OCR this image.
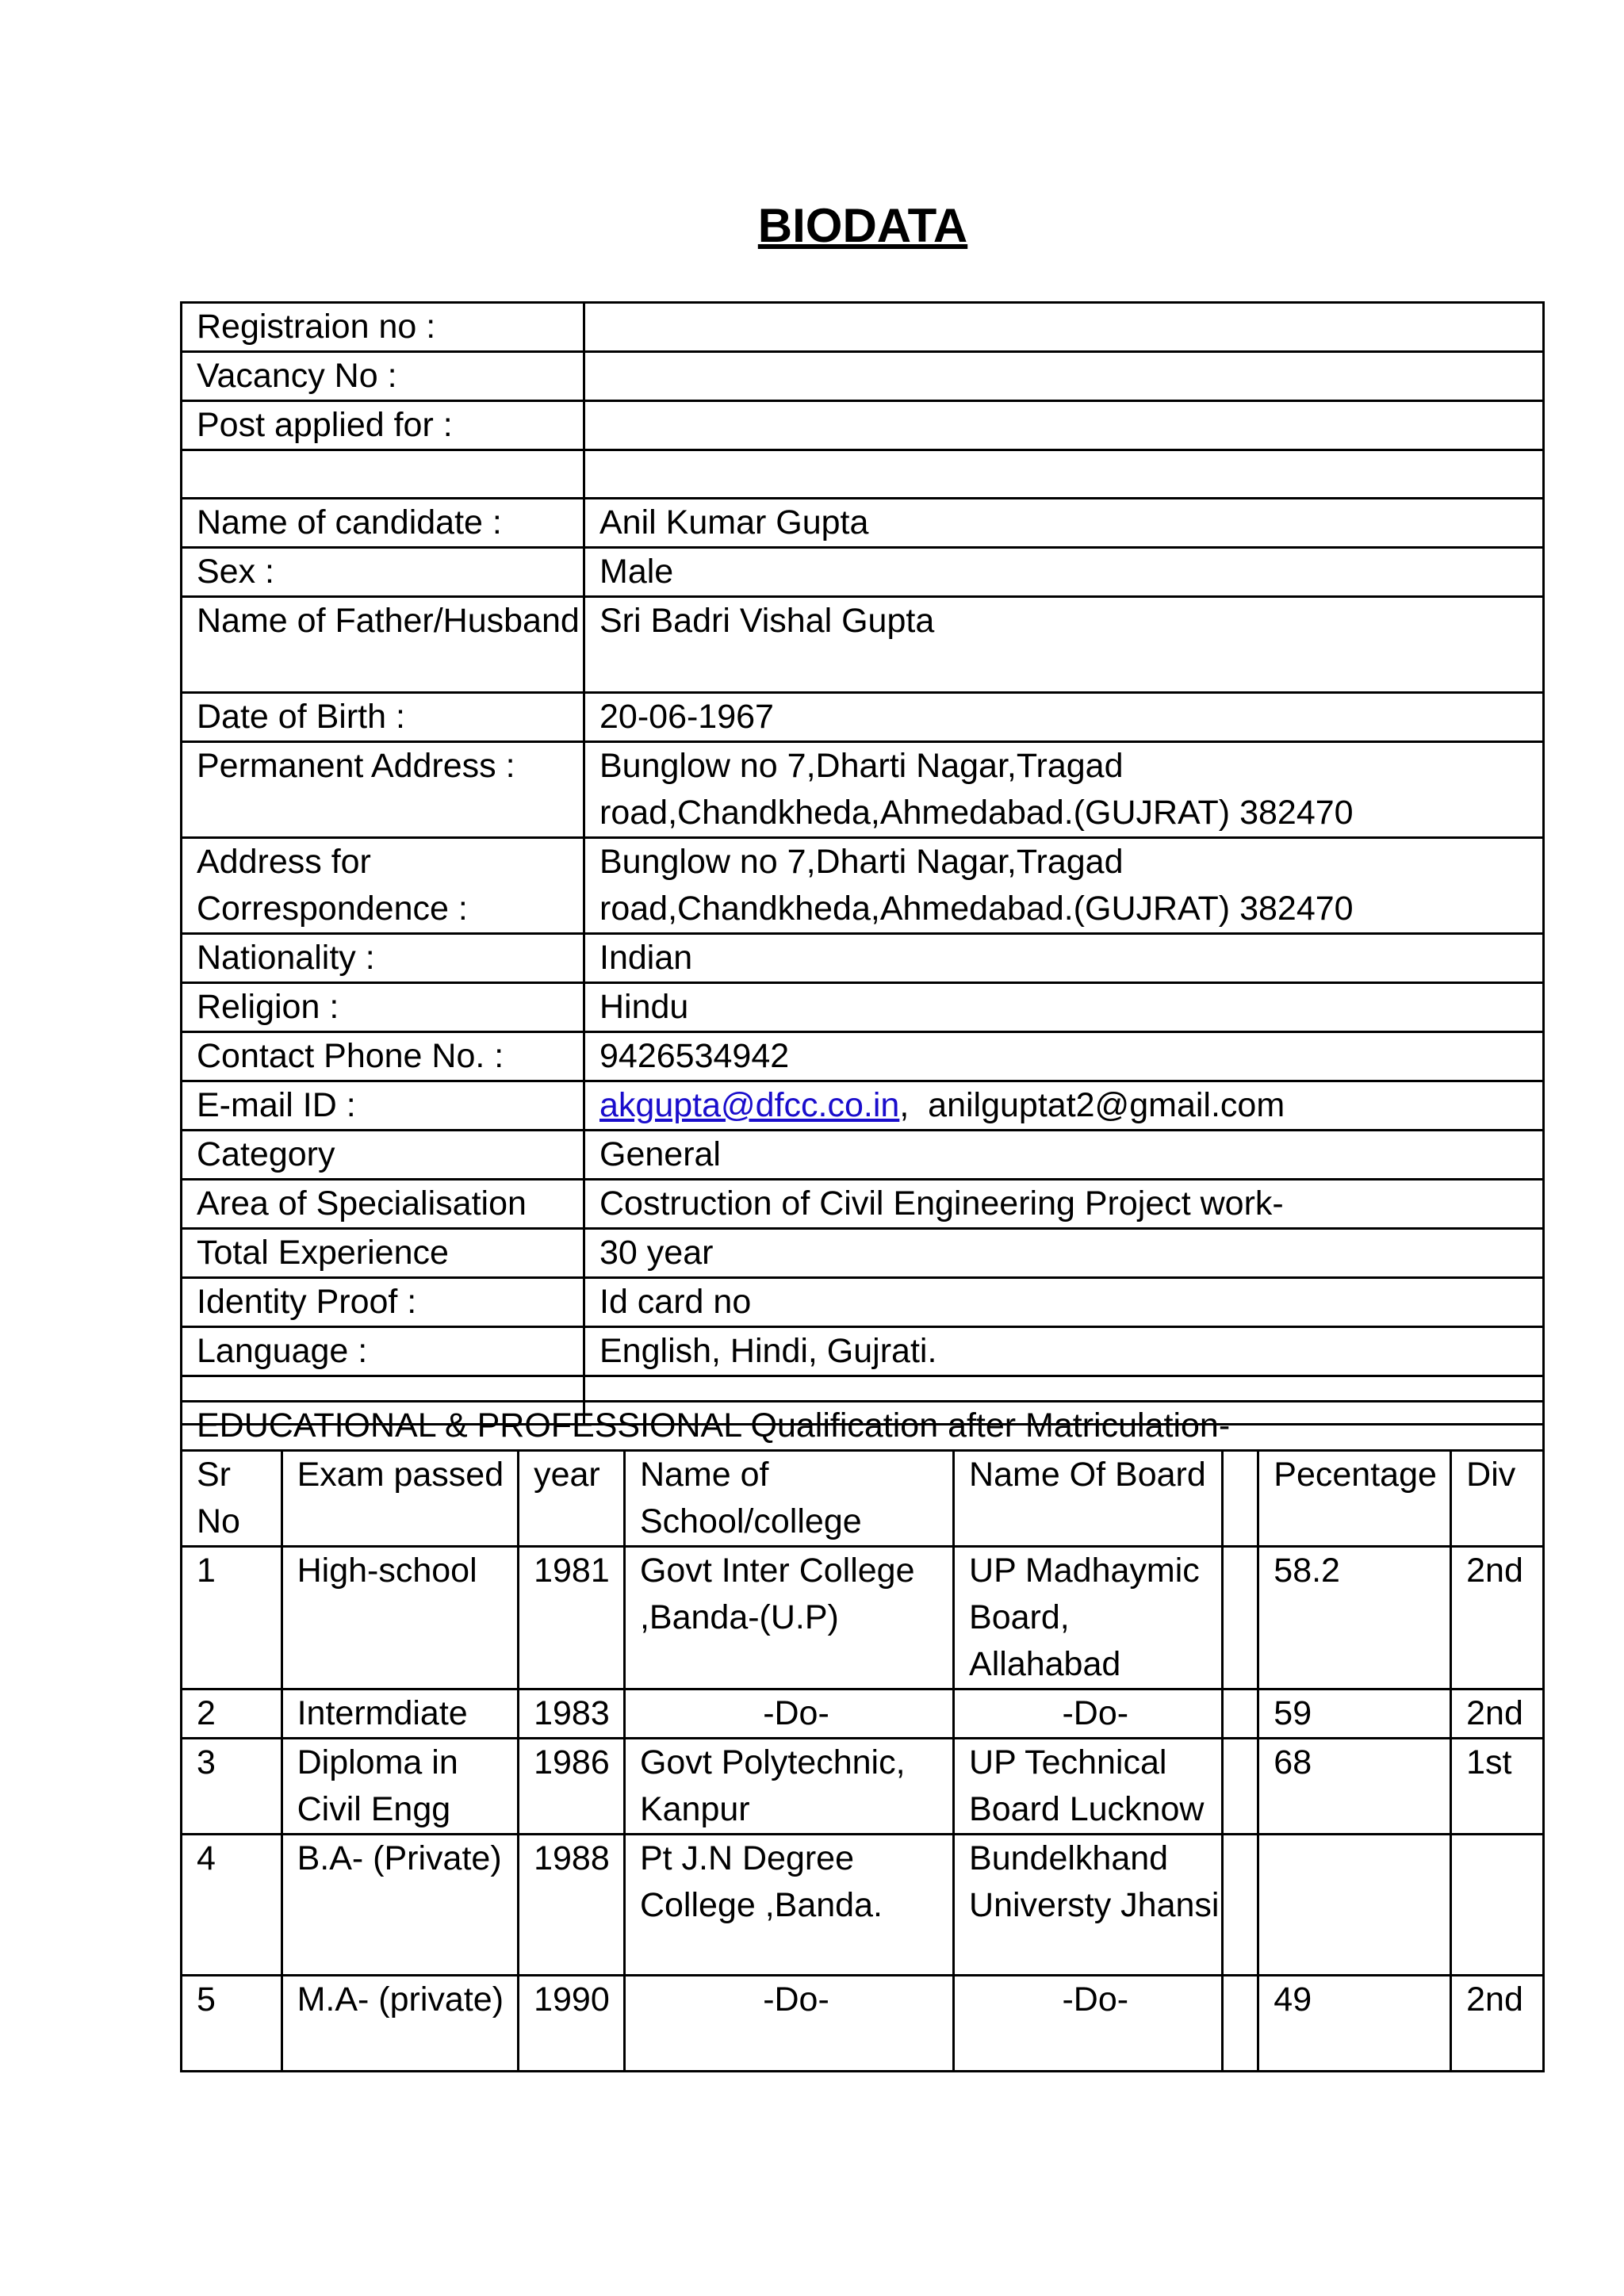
BIODATA
Registraion no :	
Vacancy No :	
Post applied for :	

Name of candidate :	Anil Kumar Gupta
Sex :	Male
Name of Father/Husband	Sri Badri Vishal Gupta
Date of Birth :	20-06-1967
Permanent Address :	Bunglow no 7,Dharti Nagar,Tragad road,Chandkheda,Ahmedabad.(GUJRAT) 382470
Address for Correspondence :	Bunglow no 7,Dharti Nagar,Tragad road,Chandkheda,Ahmedabad.(GUJRAT) 382470
Nationality :	Indian
Religion :	Hindu
Contact Phone No. :	9426534942
E-mail ID :	akgupta@dfcc.co.in,  anilguptat2@gmail.com
Category	General
Area of Specialisation	Costruction of Civil Engineering Project work-
Total Experience	30 year
Identity Proof :	Id card no
Language :	English, Hindi, Gujrati.

EDUCATIONAL & PROFESSIONAL Qualification after Matriculation-							
Sr No	Exam passed	year	Name of School/college	Name Of Board		Pecentage	Div
1	High-school	1981	Govt Inter College ,Banda-(U.P)	UP Madhaymic Board, Allahabad		58.2	2nd
2	Intermdiate	1983	-Do-	-Do-		59	2nd
3	Diploma in Civil Engg	1986	Govt Polytechnic, Kanpur	UP Technical Board Lucknow		68	1st
4	B.A- (Private)	1988	Pt J.N Degree College ,Banda.	Bundelkhand Universty Jhansi			
5	M.A- (private)	1990	-Do-	-Do-		49	2nd
